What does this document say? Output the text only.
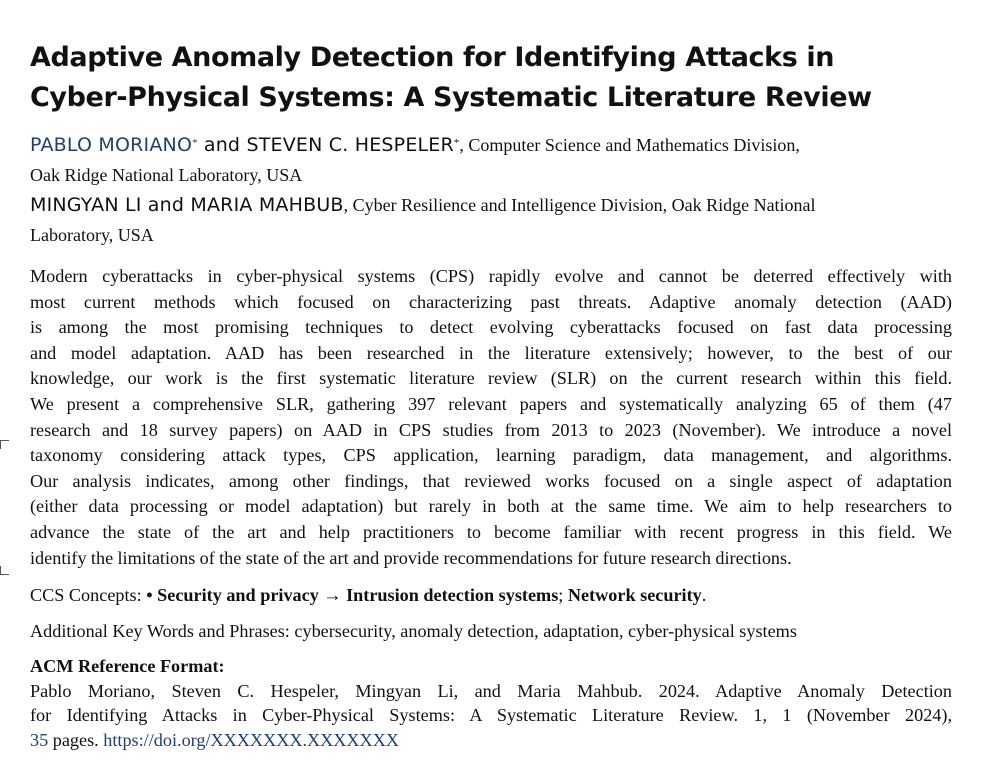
Adaptive Anomaly Detection for Identifying Attacks in
Cyber-Physical Systems: A Systematic Literature Review
PABLO MORIANO* and STEVEN C. HESPELER*, Computer Science and Mathematics Division,
Oak Ridge National Laboratory, USA
MINGYAN LI and MARIA MAHBUB, Cyber Resilience and Intelligence Division, Oak Ridge National
Laboratory, USA
Modern cyberattacks in cyber-physical systems (CPS) rapidly evolve and cannot be deterred effectively with
most current methods which focused on characterizing past threats. Adaptive anomaly detection (AAD)
is among the most promising techniques to detect evolving cyberattacks focused on fast data processing
and model adaptation. AAD has been researched in the literature extensively; however, to the best of our
knowledge, our work is the first systematic literature review (SLR) on the current research within this field.
We present a comprehensive SLR, gathering 397 relevant papers and systematically analyzing 65 of them (47
research and 18 survey papers) on AAD in CPS studies from 2013 to 2023 (November). We introduce a novel
taxonomy considering attack types, CPS application, learning paradigm, data management, and algorithms.
Our analysis indicates, among other findings, that reviewed works focused on a single aspect of adaptation
(either data processing or model adaptation) but rarely in both at the same time. We aim to help researchers to
advance the state of the art and help practitioners to become familiar with recent progress in this field. We
identify the limitations of the state of the art and provide recommendations for future research directions.
CCS Concepts: • Security and privacy → Intrusion detection systems; Network security.
Additional Key Words and Phrases: cybersecurity, anomaly detection, adaptation, cyber-physical systems
ACM Reference Format:
Pablo Moriano, Steven C. Hespeler, Mingyan Li, and Maria Mahbub. 2024. Adaptive Anomaly Detection
for Identifying Attacks in Cyber-Physical Systems: A Systematic Literature Review. 1, 1 (November 2024),
35 pages. https://doi.org/XXXXXXX.XXXXXXX
